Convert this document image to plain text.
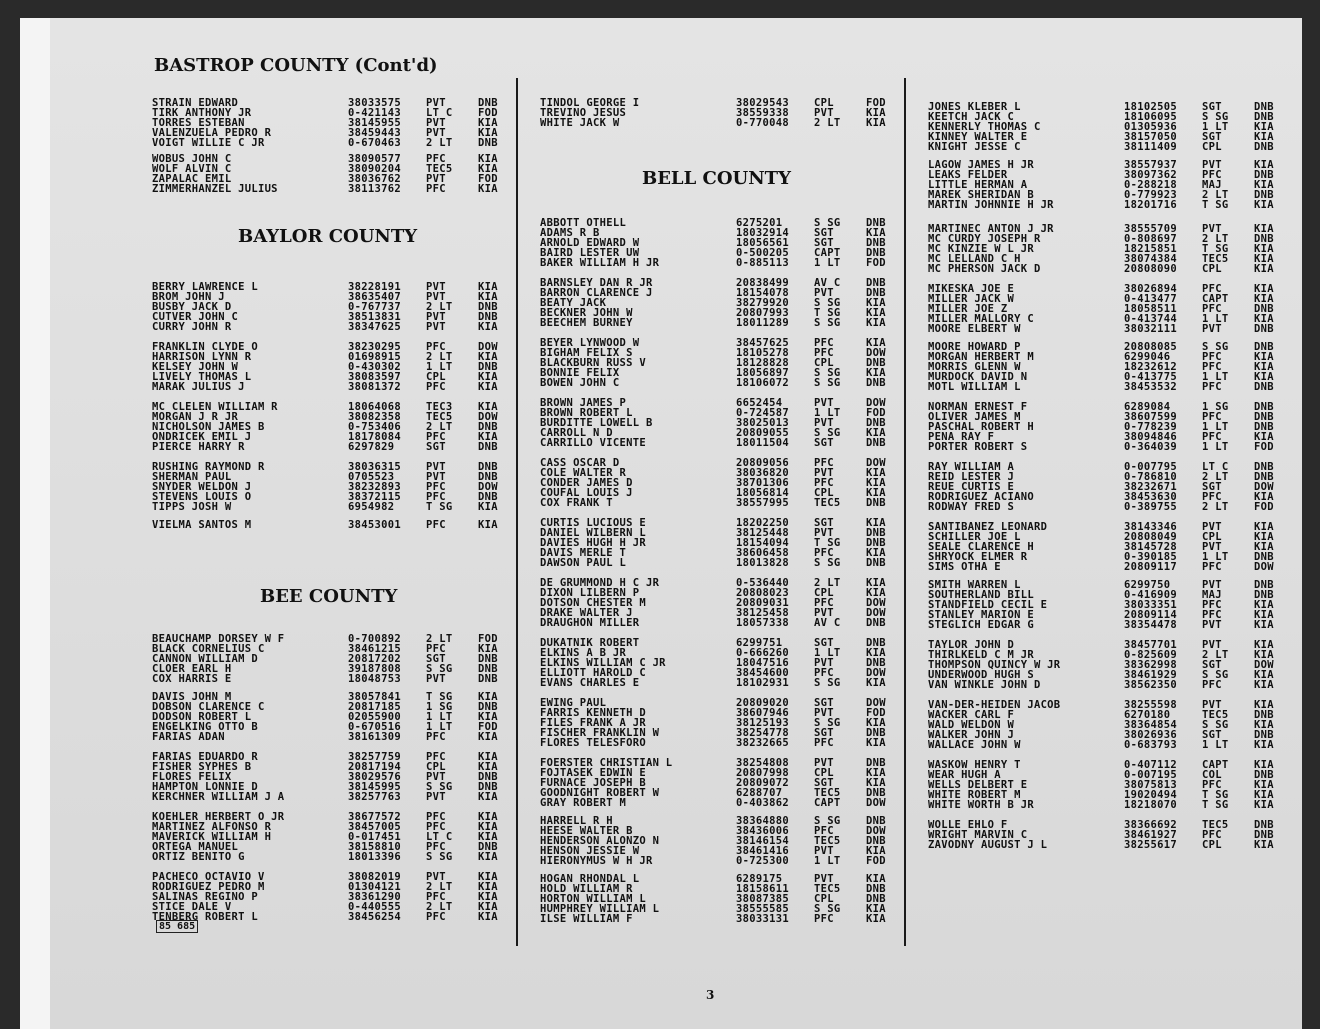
BASTROP COUNTY (Cont'd)
STRAIN EDWARD	38033575	PVT	DNB
TIRK ANTHONY JR	0-421143	LT C	FOD
TORRES ESTEBAN	38145955	PVT	KIA
VALENZUELA PEDRO R	38459443	PVT	KIA
VOIGT WILLIE C JR	0-670463	2 LT	DNB
WOBUS JOHN C	38090577	PFC	KIA
WOLF ALVIN C	38090204	TEC5	KIA
ZAPALAC EMIL	38036762	PVT	FOD
ZIMMERHANZEL JULIUS	38113762	PFC	KIA
BAYLOR COUNTY
BERRY LAWRENCE L	38228191	PVT	KIA
BROM JOHN J	38635407	PVT	KIA
BUSBY JACK D	0-767737	2 LT	DNB
CUTVER JOHN C	38513831	PVT	DNB
CURRY JOHN R	38347625	PVT	KIA
FRANKLIN CLYDE O	38230295	PFC	DOW
HARRISON LYNN R	01698915	2 LT	KIA
KELSEY JOHN W	0-430302	1 LT	DNB
LIVELY THOMAS L	38083597	CPL	KIA
MARAK JULIUS J	38081372	PFC	KIA
MC CLELEN WILLIAM R	18064068	TEC3	KIA
MORGAN J R JR	38082358	TEC5	DOW
NICHOLSON JAMES B	0-753406	2 LT	DNB
ONDRICEK EMIL J	18178084	PFC	KIA
PIERCE HARRY R	6297829	SGT	DNB
RUSHING RAYMOND R	38036315	PVT	DNB
SHERMAN PAUL	0705523	PVT	DNB
SNYDER WELDON J	38232893	PFC	DOW
STEVENS LOUIS O	38372115	PFC	DNB
TIPPS JOSH W	6954982	T SG	KIA
VIELMA SANTOS M	38453001	PFC	KIA
BEE COUNTY
BEAUCHAMP DORSEY W F	0-700892	2 LT	FOD
BLACK CORNELIUS C	38461215	PFC	KIA
CANNON WILLIAM D	20817202	SGT	DNB
CLOER EARL H	39187808	S SG	DNB
COX HARRIS E	18048753	PVT	DNB
DAVIS JOHN M	38057841	T SG	KIA
DOBSON CLARENCE C	20817185	1 SG	DNB
DODSON ROBERT L	02055900	1 LT	KIA
ENGELKING OTTO B	0-670516	1 LT	FOD
FARIAS ADAN	38161309	PFC	KIA
FARIAS EDUARDO R	38257759	PFC	KIA
FISHER SYPHES B	20817194	CPL	KIA
FLORES FELIX	38029576	PVT	DNB
HAMPTON LONNIE D	38145995	S SG	DNB
KERCHNER WILLIAM J A	38257763	PVT	KIA
KOEHLER HERBERT O JR	38677572	PFC	KIA
MARTINEZ ALFONSO R	38457005	PFC	KIA
MAVERICK WILLIAM H	0-017451	LT C	KIA
ORTEGA MANUEL	38158810	PFC	DNB
ORTIZ BENITO G	18013396	S SG	KIA
PACHECO OCTAVIO V	38082019	PVT	KIA
RODRIGUEZ PEDRO M	01304121	2 LT	KIA
SALINAS REGINO P	38361290	PFC	KIA
STICE DALE V	0-440555	2 LT	KIA
TENBERG ROBERT L	38456254	PFC	KIA
TINDOL GEORGE I	38029543	CPL	FOD
TREVINO JESUS	38559338	PVT	KIA
WHITE JACK W	0-770048	2 LT	KIA
BELL COUNTY
ABBOTT OTHELL	6275201	S SG	DNB
ADAMS R B	18032914	SGT	KIA
ARNOLD EDWARD W	18056561	SGT	DNB
BAIRD LESTER UW	0-500205	CAPT	DNB
BAKER WILLIAM H JR	0-885113	1 LT	FOD
BARNSLEY DAN R JR	20838499	AV C	DNB
BARRON CLARENCE J	18154078	PVT	DNB
BEATY JACK	38279920	S SG	KIA
BECKNER JOHN W	20807993	T SG	KIA
BEECHEM BURNEY	18011289	S SG	KIA
BEYER LYNWOOD W	38457625	PFC	KIA
BIGHAM FELIX S	18105278	PFC	DOW
BLACKBURN RUSS V	18128828	CPL	DNB
BONNIE FELIX	18056897	S SG	KIA
BOWEN JOHN C	18106072	S SG	DNB
BROWN JAMES P	6652454	PVT	DOW
BROWN ROBERT L	0-724587	1 LT	FOD
BURDITTE LOWELL B	38025013	PVT	DNB
CARROLL N D	20809055	S SG	KIA
CARRILLO VICENTE	18011504	SGT	DNB
CASS OSCAR D	20809056	PFC	DOW
COLE WALTER R	38036820	PVT	KIA
CONDER JAMES D	38701306	PFC	KIA
COUFAL LOUIS J	18056814	CPL	KIA
COX FRANK T	38557995	TEC5	DNB
CURTIS LUCIOUS E	18202250	SGT	KIA
DANIEL WILBERN L	38125448	PVT	DNB
DAVIES HUGH H JR	18154094	T SG	DNB
DAVIS MERLE T	38606458	PFC	KIA
DAWSON PAUL L	18013828	S SG	DNB
DE GRUMMOND H C JR	0-536440	2 LT	KIA
DIXON LILBERN P	20808023	CPL	KIA
DOTSON CHESTER M	20809031	PFC	DOW
DRAKE WALTER J	38125458	PVT	DOW
DRAUGHON MILLER	18057338	AV C	DNB
DUKATNIK ROBERT	6299751	SGT	DNB
ELKINS A B JR	0-666260	1 LT	KIA
ELKINS WILLIAM C JR	18047516	PVT	DNB
ELLIOTT HAROLD C	38454600	PFC	DOW
EVANS CHARLES E	18102931	S SG	KIA
EWING PAUL	20809020	SGT	DOW
FARRIS KENNETH D	38607946	PVT	FOD
FILES FRANK A JR	38125193	S SG	KIA
FISCHER FRANKLIN W	38254778	SGT	DNB
FLORES TELESFORO	38232665	PFC	KIA
FOERSTER CHRISTIAN L	38254808	PVT	DNB
FOJTASEK EDWIN E	20807998	CPL	KIA
FURNACE JOSEPH B	20809072	SGT	KIA
GOODNIGHT ROBERT W	6288707	TEC5	DNB
GRAY ROBERT M	0-403862	CAPT	DOW
HARRELL R H	38364880	S SG	DNB
HEESE WALTER B	38436006	PFC	DOW
HENDERSON ALONZO N	38146154	TEC5	DNB
HENSON JESSIE W	38461416	PVT	KIA
HIERONYMUS W H JR	0-725300	1 LT	FOD
HOGAN RHONDAL L	6289175	PVT	KIA
HOLD WILLIAM R	18158611	TEC5	DNB
HORTON WILLIAM L	38087385	CPL	DNB
HUMPHREY WILLIAM L	38555585	S SG	KIA
ILSE WILLIAM F	38033131	PFC	KIA
JONES KLEBER L	18102505	SGT	DNB
KEETCH JACK C	18106095	S SG	DNB
KENNERLY THOMAS C	01305936	1 LT	KIA
KINNEY WALTER E	38157050	SGT	KIA
KNIGHT JESSE C	38111409	CPL	DNB
LAGOW JAMES H JR	38557937	PVT	KIA
LEAKS FELDER	38097362	PFC	DNB
LITTLE HERMAN A	0-288218	MAJ	KIA
MAREK SHERIDAN B	0-779923	2 LT	DNB
MARTIN JOHNNIE H JR	18201716	T SG	KIA
MARTINEC ANTON J JR	38555709	PVT	KIA
MC CURDY JOSEPH R	0-808697	2 LT	DNB
MC KINZIE W L JR	18215851	T SG	KIA
MC LELLAND C H	38074384	TEC5	KIA
MC PHERSON JACK D	20808090	CPL	KIA
MIKESKA JOE E	38026894	PFC	KIA
MILLER JACK W	0-413477	CAPT	KIA
MILLER JOE Z	18058511	PFC	DNB
MILLER MALLORY C	0-413744	1 LT	KIA
MOORE ELBERT W	38032111	PVT	DNB
MOORE HOWARD P	20808085	S SG	DNB
MORGAN HERBERT M	6299046	PFC	KIA
MORRIS GLENN W	18232612	PFC	KIA
MURDOCK DAVID N	0-413775	1 LT	KIA
MOTL WILLIAM L	38453532	PFC	DNB
NORMAN ERNEST F	6289084	1 SG	DNB
OLIVER JAMES M	38607599	PFC	DNB
PASCHAL ROBERT H	0-778239	1 LT	DNB
PENA RAY F	38094846	PFC	KIA
PORTER ROBERT S	0-364039	1 LT	FOD
RAY WILLIAM A	0-007795	LT C	DNB
REID LESTER J	0-786810	2 LT	DNB
REUE CURTIS E	38232671	SGT	DOW
RODRIGUEZ ACIANO	38453630	PFC	KIA
RODWAY FRED S	0-389755	2 LT	FOD
SANTIBANEZ LEONARD	38143346	PVT	KIA
SCHILLER JOE L	20808049	CPL	KIA
SEALE CLARENCE H	38145728	PVT	KIA
SHRYOCK ELMER R	0-390185	1 LT	DNB
SIMS OTHA E	20809117	PFC	DOW
SMITH WARREN L	6299750	PVT	DNB
SOUTHERLAND BILL	0-416909	MAJ	DNB
STANDFIELD CECIL E	38033351	PFC	KIA
STANLEY MARION E	20809114	PFC	KIA
STEGLICH EDGAR G	38354478	PVT	KIA
TAYLOR JOHN D	38457701	PVT	KIA
THIRLKELD C M JR	0-825609	2 LT	KIA
THOMPSON QUINCY W JR	38362998	SGT	DOW
UNDERWOOD HUGH S	38461929	S SG	KIA
VAN WINKLE JOHN D	38562350	PFC	KIA
VAN-DER-HEIDEN JACOB	38255598	PVT	KIA
WACKER CARL F	6270180	TEC5	DNB
WALD WELDON W	38364854	S SG	KIA
WALKER JOHN J	38026936	SGT	DNB
WALLACE JOHN W	0-683793	1 LT	KIA
WASKOW HENRY T	0-407112	CAPT	KIA
WEAR HUGH A	0-007195	COL	DNB
WELLS DELBERT E	38075813	PFC	KIA
WHITE ROBERT M	19020494	T SG	KIA
WHITE WORTH B JR	18218070	T SG	KIA
WOLLE EHLO F	38366692	TEC5	DNB
WRIGHT MARVIN C	38461927	PFC	DNB
ZAVODNY AUGUST J L	38255617	CPL	KIA
85 685
3
